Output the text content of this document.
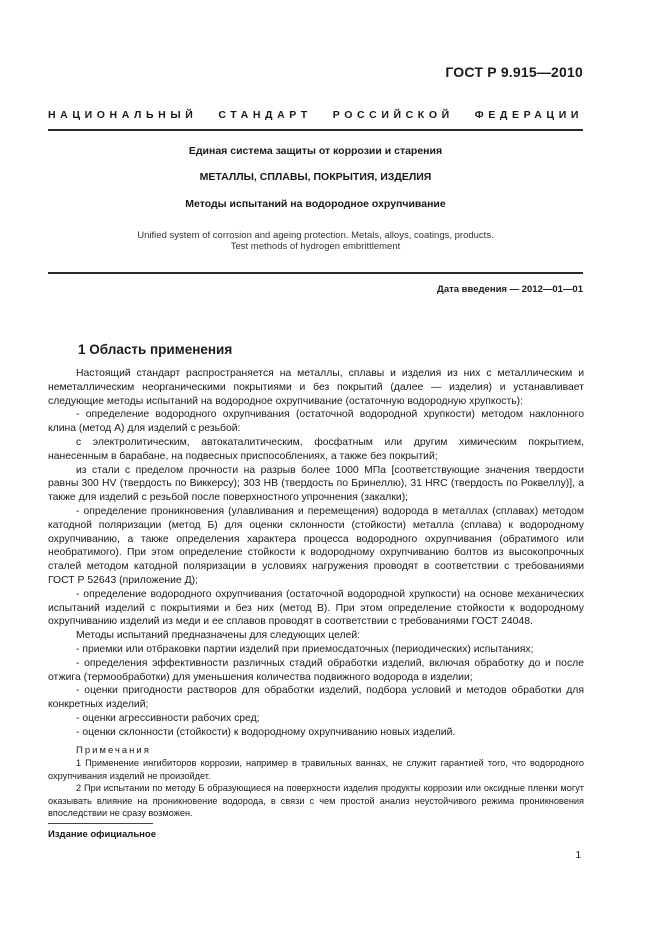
ГОСТ Р 9.915—2010
НАЦИОНАЛЬНЫЙ СТАНДАРТ РОССИЙСКОЙ ФЕДЕРАЦИИ
Единая система защиты от коррозии и старения
МЕТАЛЛЫ, СПЛАВЫ, ПОКРЫТИЯ, ИЗДЕЛИЯ
Методы испытаний на водородное охрупчивание
Unified system of corrosion and ageing protection. Metals, alloys, coatings, products.
Test methods of hydrogen embrittlement
Дата введения — 2012—01—01
1 Область применения

Настоящий стандарт распространяется на металлы, сплавы и изделия из них с металлическим и неметаллическим неорганическими покрытиями и без покрытий (далее — изделия) и устанавливает следующие методы испытаний на водородное охрупчивание (остаточную водородную хрупкость):

- определение водородного охрупчивания (остаточной водородной хрупкости) методом наклонного клина (метод А) для изделий с резьбой:

с электролитическим, автокаталитическим, фосфатным или другим химическим покрытием, нанесенным в барабане, на подвесных приспособлениях, а также без покрытий;

из стали с пределом прочности на разрыв более 1000 МПа [соответствующие значения твердости равны 300 HV (твердость по Виккерсу); 303 НВ (твердость по Бринеллю), 31 HRC (твердость по Роквеллу)], а также для изделий с резьбой после поверхностного упрочнения (закалки);

- определение проникновения (улавливания и перемещения) водорода в металлах (сплавах) методом катодной поляризации (метод Б) для оценки склонности (стойкости) металла (сплава) к водородному охрупчиванию, а также определения характера процесса водородного охрупчивания (обратимого или необратимого). При этом определение стойкости к водородному охрупчиванию болтов из высокопрочных сталей методом катодной поляризации в условиях нагружения проводят в соответствии с требованиями ГОСТ Р 52643 (приложение Д);

- определение водородного охрупчивания (остаточной водородной хрупкости) на основе механических испытаний изделий с покрытиями и без них (метод В). При этом определение стойкости к водородному охрупчиванию изделий из меди и ее сплавов проводят в соответствии с требованиями ГОСТ 24048.

Методы испытаний предназначены для следующих целей:

- приемки или отбраковки партии изделий при приемосдаточных (периодических) испытаниях;

- определения эффективности различных стадий обработки изделий, включая обработку до и после отжига (термообработки) для уменьшения количества подвижного водорода в изделии;

- оценки пригодности растворов для обработки изделий, подбора условий и методов обработки для конкретных изделий;

- оценки агрессивности рабочих сред;

- оценки склонности (стойкости) к водородному охрупчиванию новых изделий.

Примечания

1 Применение ингибиторов коррозии, например в травильных ваннах, не служит гарантией того, что водородного охрупчивания изделий не произойдет.

2 При испытании по методу Б образующиеся на поверхности изделия продукты коррозии или оксидные пленки могут оказывать влияние на проникновение водорода, в связи с чем простой анализ неустойчивого режима проникновения впоследствии не сразу возможен.

Издание официальное
1
